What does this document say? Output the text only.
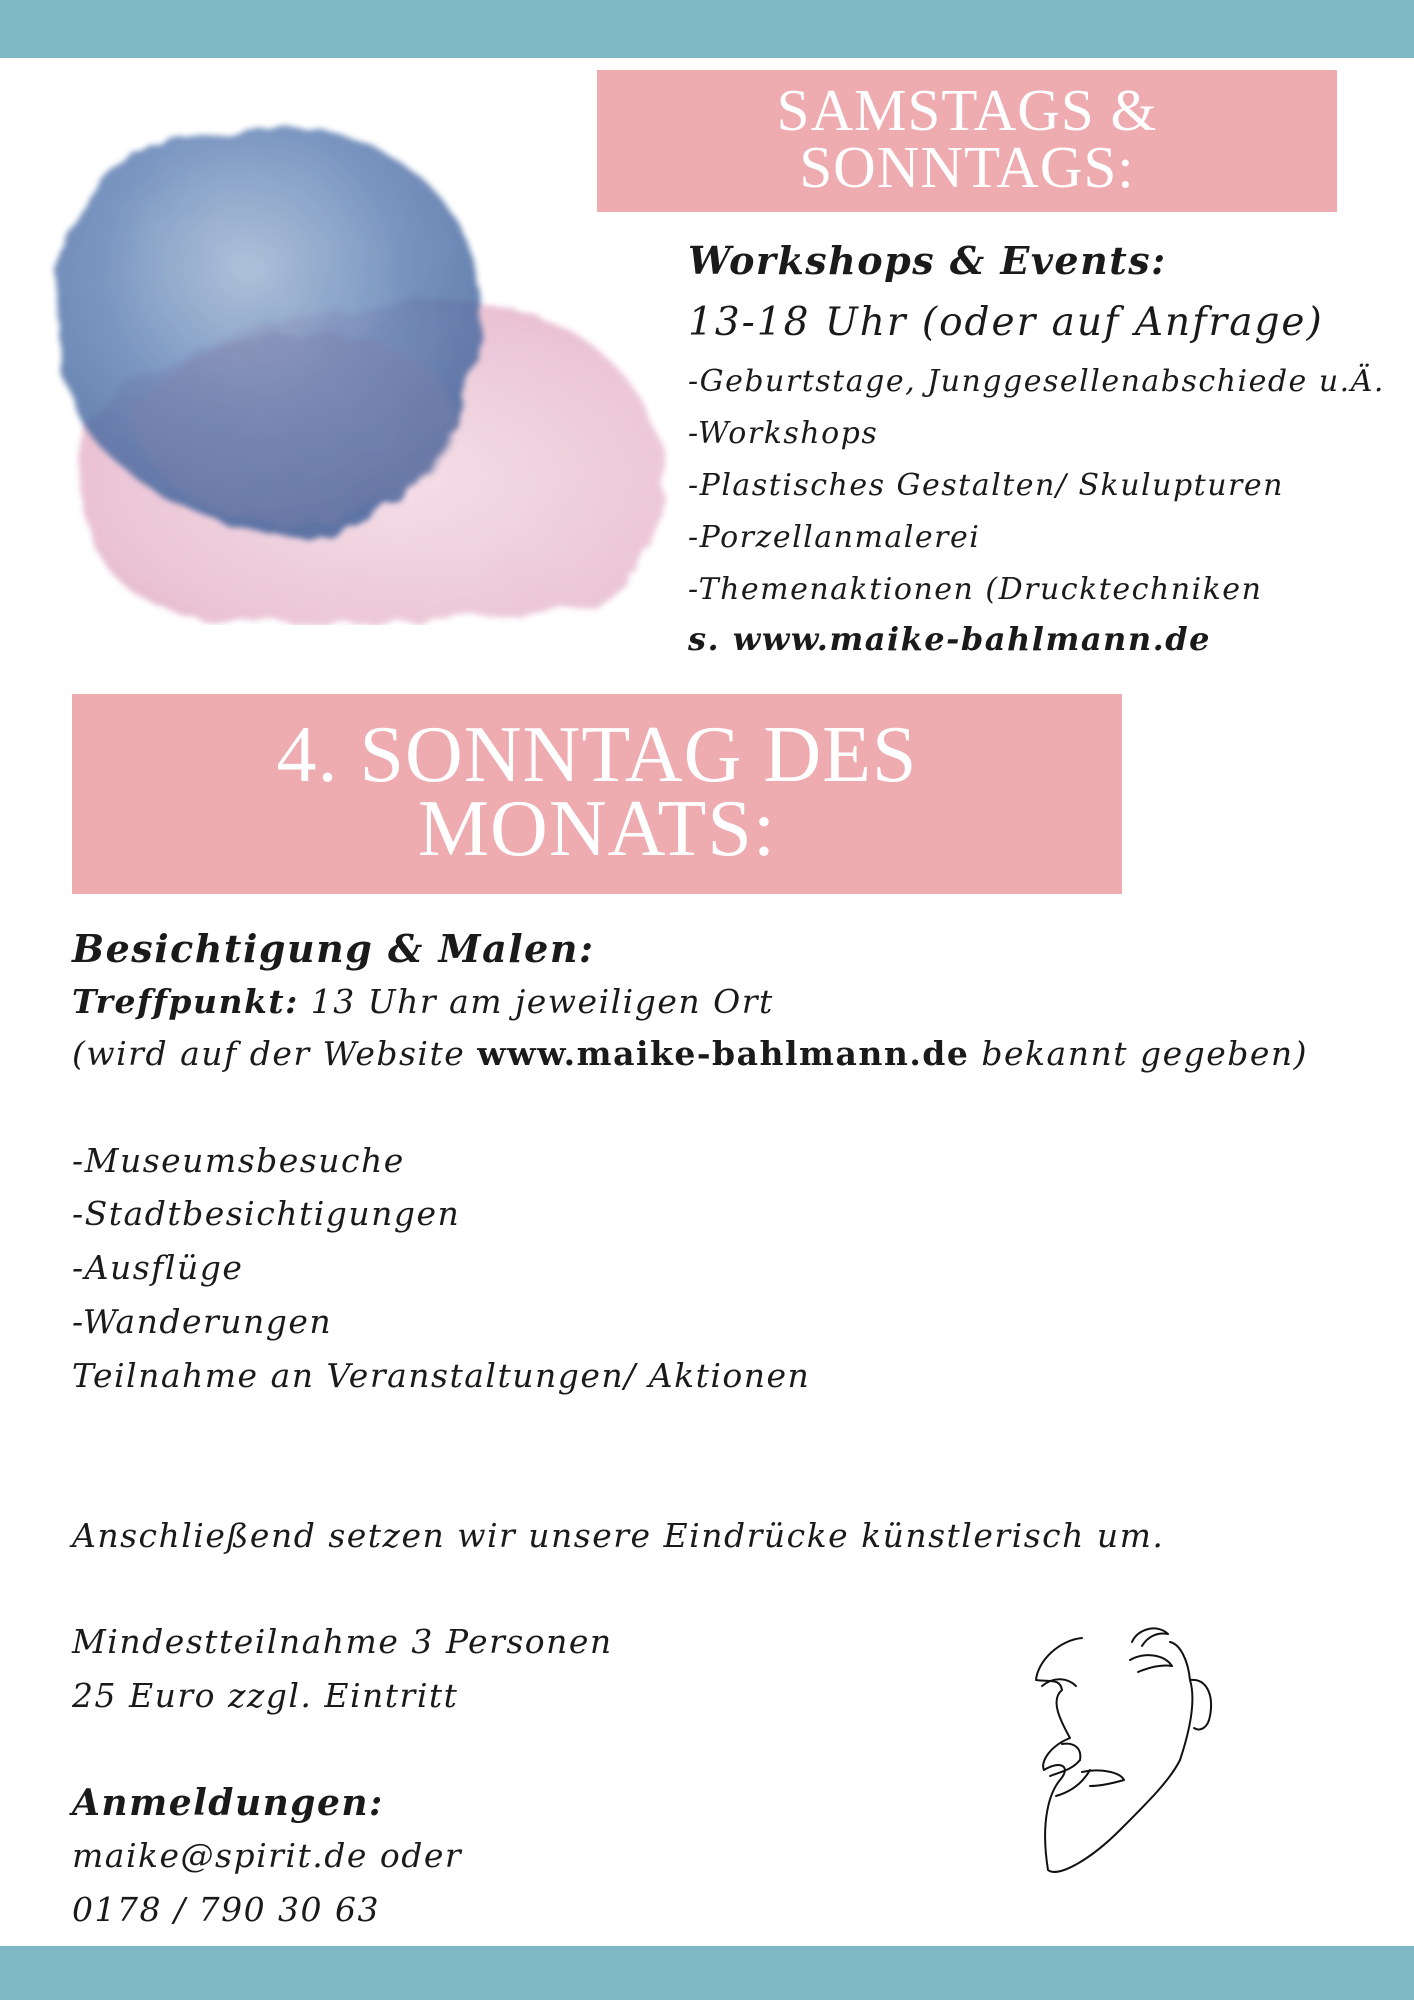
SAMSTAGS &
SONNTAGS:
Workshops & Events:
13-18 Uhr (oder auf Anfrage)
-Geburtstage, Junggesellenabschiede u.Ä.
-Workshops
-Plastisches Gestalten/ Skulupturen
-Porzellanmalerei
-Themenaktionen (Drucktechniken
s. www.maike-bahlmann.de
4. SONNTAG DES
MONATS:
Besichtigung & Malen:
Treffpunkt: 13 Uhr am jeweiligen Ort
(wird auf der Website www.maike-bahlmann.de bekannt gegeben)
-Museumsbesuche
-Stadtbesichtigungen
-Ausflüge
-Wanderungen
Teilnahme an Veranstaltungen/ Aktionen
Anschließend setzen wir unsere Eindrücke künstlerisch um.
Mindestteilnahme 3 Personen
25 Euro zzgl. Eintritt
Anmeldungen:
maike@spirit.de oder
0178 / 790 30 63
